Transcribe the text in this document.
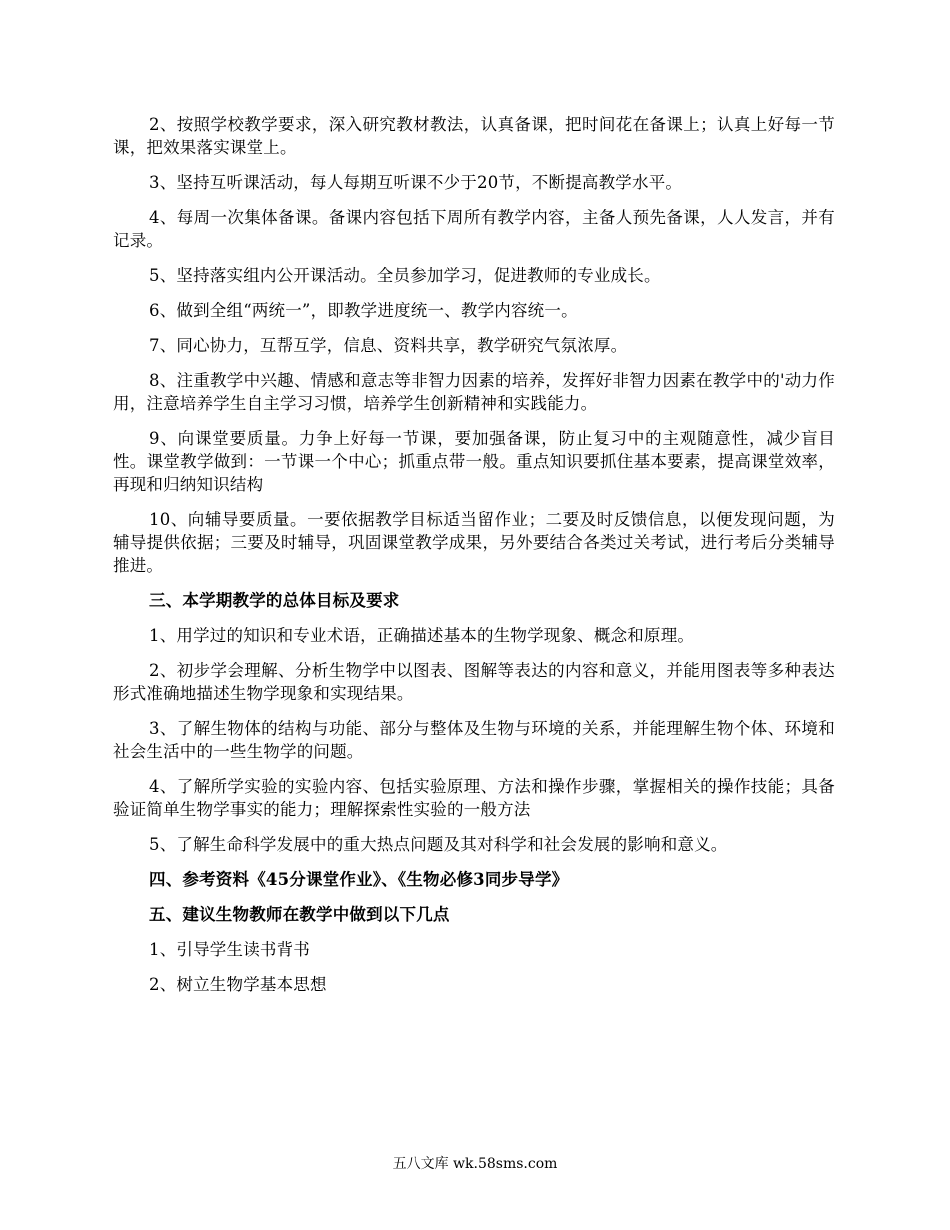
2、按照学校教学要求，深入研究教材教法，认真备课，把时间花在备课上；认真上好每一节课，把效果落实课堂上。

3、坚持互听课活动，每人每期互听课不少于20节，不断提高教学水平。

4、每周一次集体备课。备课内容包括下周所有教学内容，主备人预先备课，人人发言，并有记录。

5、坚持落实组内公开课活动。全员参加学习，促进教师的专业成长。

6、做到全组“两统一”，即教学进度统一、教学内容统一。

7、同心协力，互帮互学，信息、资料共享，教学研究气氛浓厚。

8、注重教学中兴趣、情感和意志等非智力因素的培养，发挥好非智力因素在教学中的'动力作用，注意培养学生自主学习习惯，培养学生创新精神和实践能力。

9、向课堂要质量。力争上好每一节课，要加强备课，防止复习中的主观随意性，减少盲目性。课堂教学做到：一节课一个中心；抓重点带一般。重点知识要抓住基本要素，提高课堂效率，再现和归纳知识结构

10、向辅导要质量。一要依据教学目标适当留作业；二要及时反馈信息，以便发现问题，为辅导提供依据；三要及时辅导，巩固课堂教学成果，另外要结合各类过关考试，进行考后分类辅导推进。

三、本学期教学的总体目标及要求

1、用学过的知识和专业术语，正确描述基本的生物学现象、概念和原理。

2、初步学会理解、分析生物学中以图表、图解等表达的内容和意义，并能用图表等多种表达形式准确地描述生物学现象和实现结果。

3、了解生物体的结构与功能、部分与整体及生物与环境的关系，并能理解生物个体、环境和社会生活中的一些生物学的问题。

4、了解所学实验的实验内容、包括实验原理、方法和操作步骤，掌握相关的操作技能；具备验证简单生物学事实的能力；理解探索性实验的一般方法

5、了解生命科学发展中的重大热点问题及其对科学和社会发展的影响和意义。

四、参考资料《45分课堂作业》、《生物必修3同步导学》

五、建议生物教师在教学中做到以下几点

1、引导学生读书背书

2、树立生物学基本思想

五八文库 wk.58sms.com
